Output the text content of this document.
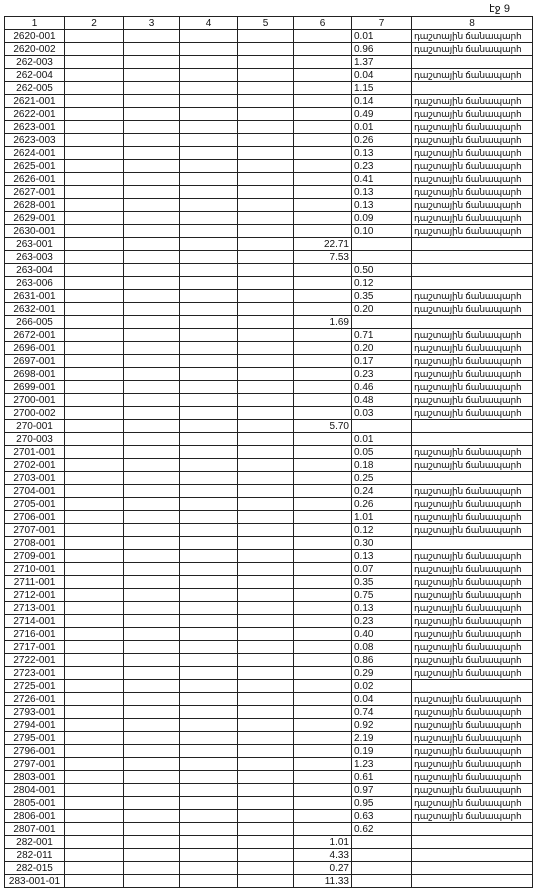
էջ 9
1	2	3	4	5	6	7	8
2620-001						0.01	դաշտային ճանապարհ
2620-002						0.96	դաշտային ճանապարհ
262-003						1.37	
262-004						0.04	դաշտային ճանապարհ
262-005						1.15	
2621-001						0.14	դաշտային ճանապարհ
2622-001						0.49	դաշտային ճանապարհ
2623-001						0.01	դաշտային ճանապարհ
2623-003						0.26	դաշտային ճանապարհ
2624-001						0.13	դաշտային ճանապարհ
2625-001						0.23	դաշտային ճանապարհ
2626-001						0.41	դաշտային ճանապարհ
2627-001						0.13	դաշտային ճանապարհ
2628-001						0.13	դաշտային ճանապարհ
2629-001						0.09	դաշտային ճանապարհ
2630-001						0.10	դաշտային ճանապարհ
263-001					22.71		
263-003					7.53		
263-004						0.50	
263-006						0.12	
2631-001						0.35	դաշտային ճանապարհ
2632-001						0.20	դաշտային ճանապարհ
266-005					1.69		
2672-001						0.71	դաշտային ճանապարհ
2696-001						0.20	դաշտային ճանապարհ
2697-001						0.17	դաշտային ճանապարհ
2698-001						0.23	դաշտային ճանապարհ
2699-001						0.46	դաշտային ճանապարհ
2700-001						0.48	դաշտային ճանապարհ
2700-002						0.03	դաշտային ճանապարհ
270-001					5.70		
270-003						0.01	
2701-001						0.05	դաշտային ճանապարհ
2702-001						0.18	դաշտային ճանապարհ
2703-001						0.25	
2704-001						0.24	դաշտային ճանապարհ
2705-001						0.26	դաշտային ճանապարհ
2706-001						1.01	դաշտային ճանապարհ
2707-001						0.12	դաշտային ճանապարհ
2708-001						0.30	
2709-001						0.13	դաշտային ճանապարհ
2710-001						0.07	դաշտային ճանապարհ
2711-001						0.35	դաշտային ճանապարհ
2712-001						0.75	դաշտային ճանապարհ
2713-001						0.13	դաշտային ճանապարհ
2714-001						0.23	դաշտային ճանապարհ
2716-001						0.40	դաշտային ճանապարհ
2717-001						0.08	դաշտային ճանապարհ
2722-001						0.86	դաշտային ճանապարհ
2723-001						0.29	դաշտային ճանապարհ
2725-001						0.02	
2726-001						0.04	դաշտային ճանապարհ
2793-001						0.74	դաշտային ճանապարհ
2794-001						0.92	դաշտային ճանապարհ
2795-001						2.19	դաշտային ճանապարհ
2796-001						0.19	դաշտային ճանապարհ
2797-001						1.23	դաշտային ճանապարհ
2803-001						0.61	դաշտային ճանապարհ
2804-001						0.97	դաշտային ճանապարհ
2805-001						0.95	դաշտային ճանապարհ
2806-001						0.63	դաշտային ճանապարհ
2807-001						0.62	
282-001					1.01		
282-011					4.33		
282-015					0.27		
283-001-01					11.33		
